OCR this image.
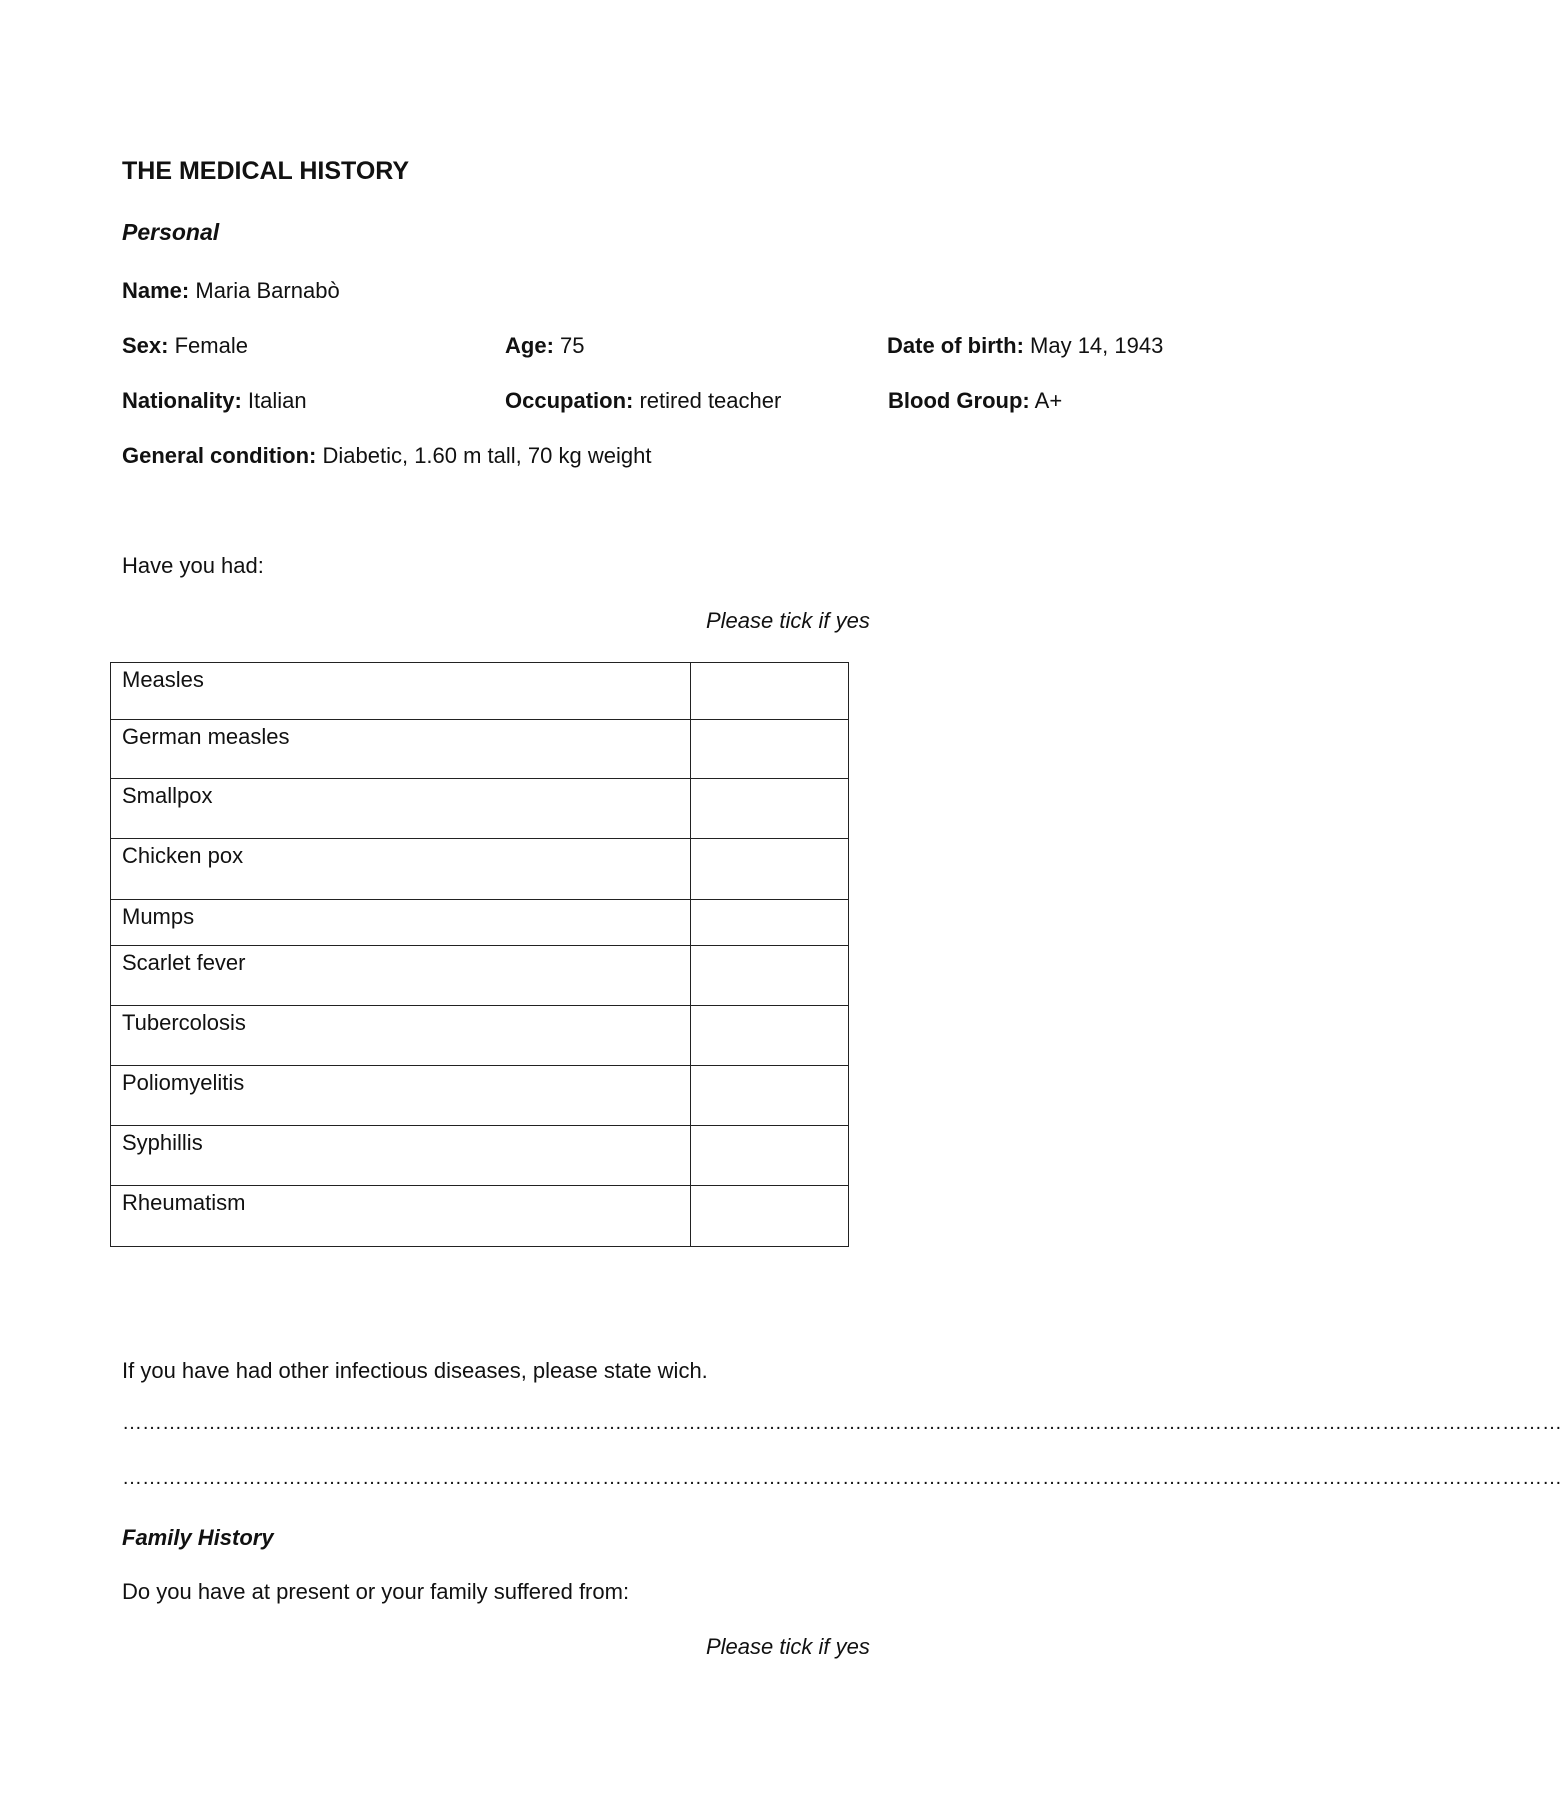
THE MEDICAL HISTORY
Personal
Name: Maria Barnabò
Sex: Female	Age: 75	Date of birth: May 14, 1943
Nationality: Italian	Occupation: retired teacher	Blood Group: A+
General condition: Diabetic, 1.60 m tall, 70 kg weight
Have you had:
Please tick if yes
Measles	
German measles	
Smallpox	
Chicken pox	
Mumps	
Scarlet fever	
Tubercolosis	
Poliomyelitis	
Syphillis	
Rheumatism	
If you have had other infectious diseases, please state wich.
………………………………………………………………………………………………………………………………………………………………………………………………
………………………………………………………………………………………………………………………………………………………………………………………………
Family History
Do you have at present or your family suffered from:
Please tick if yes
